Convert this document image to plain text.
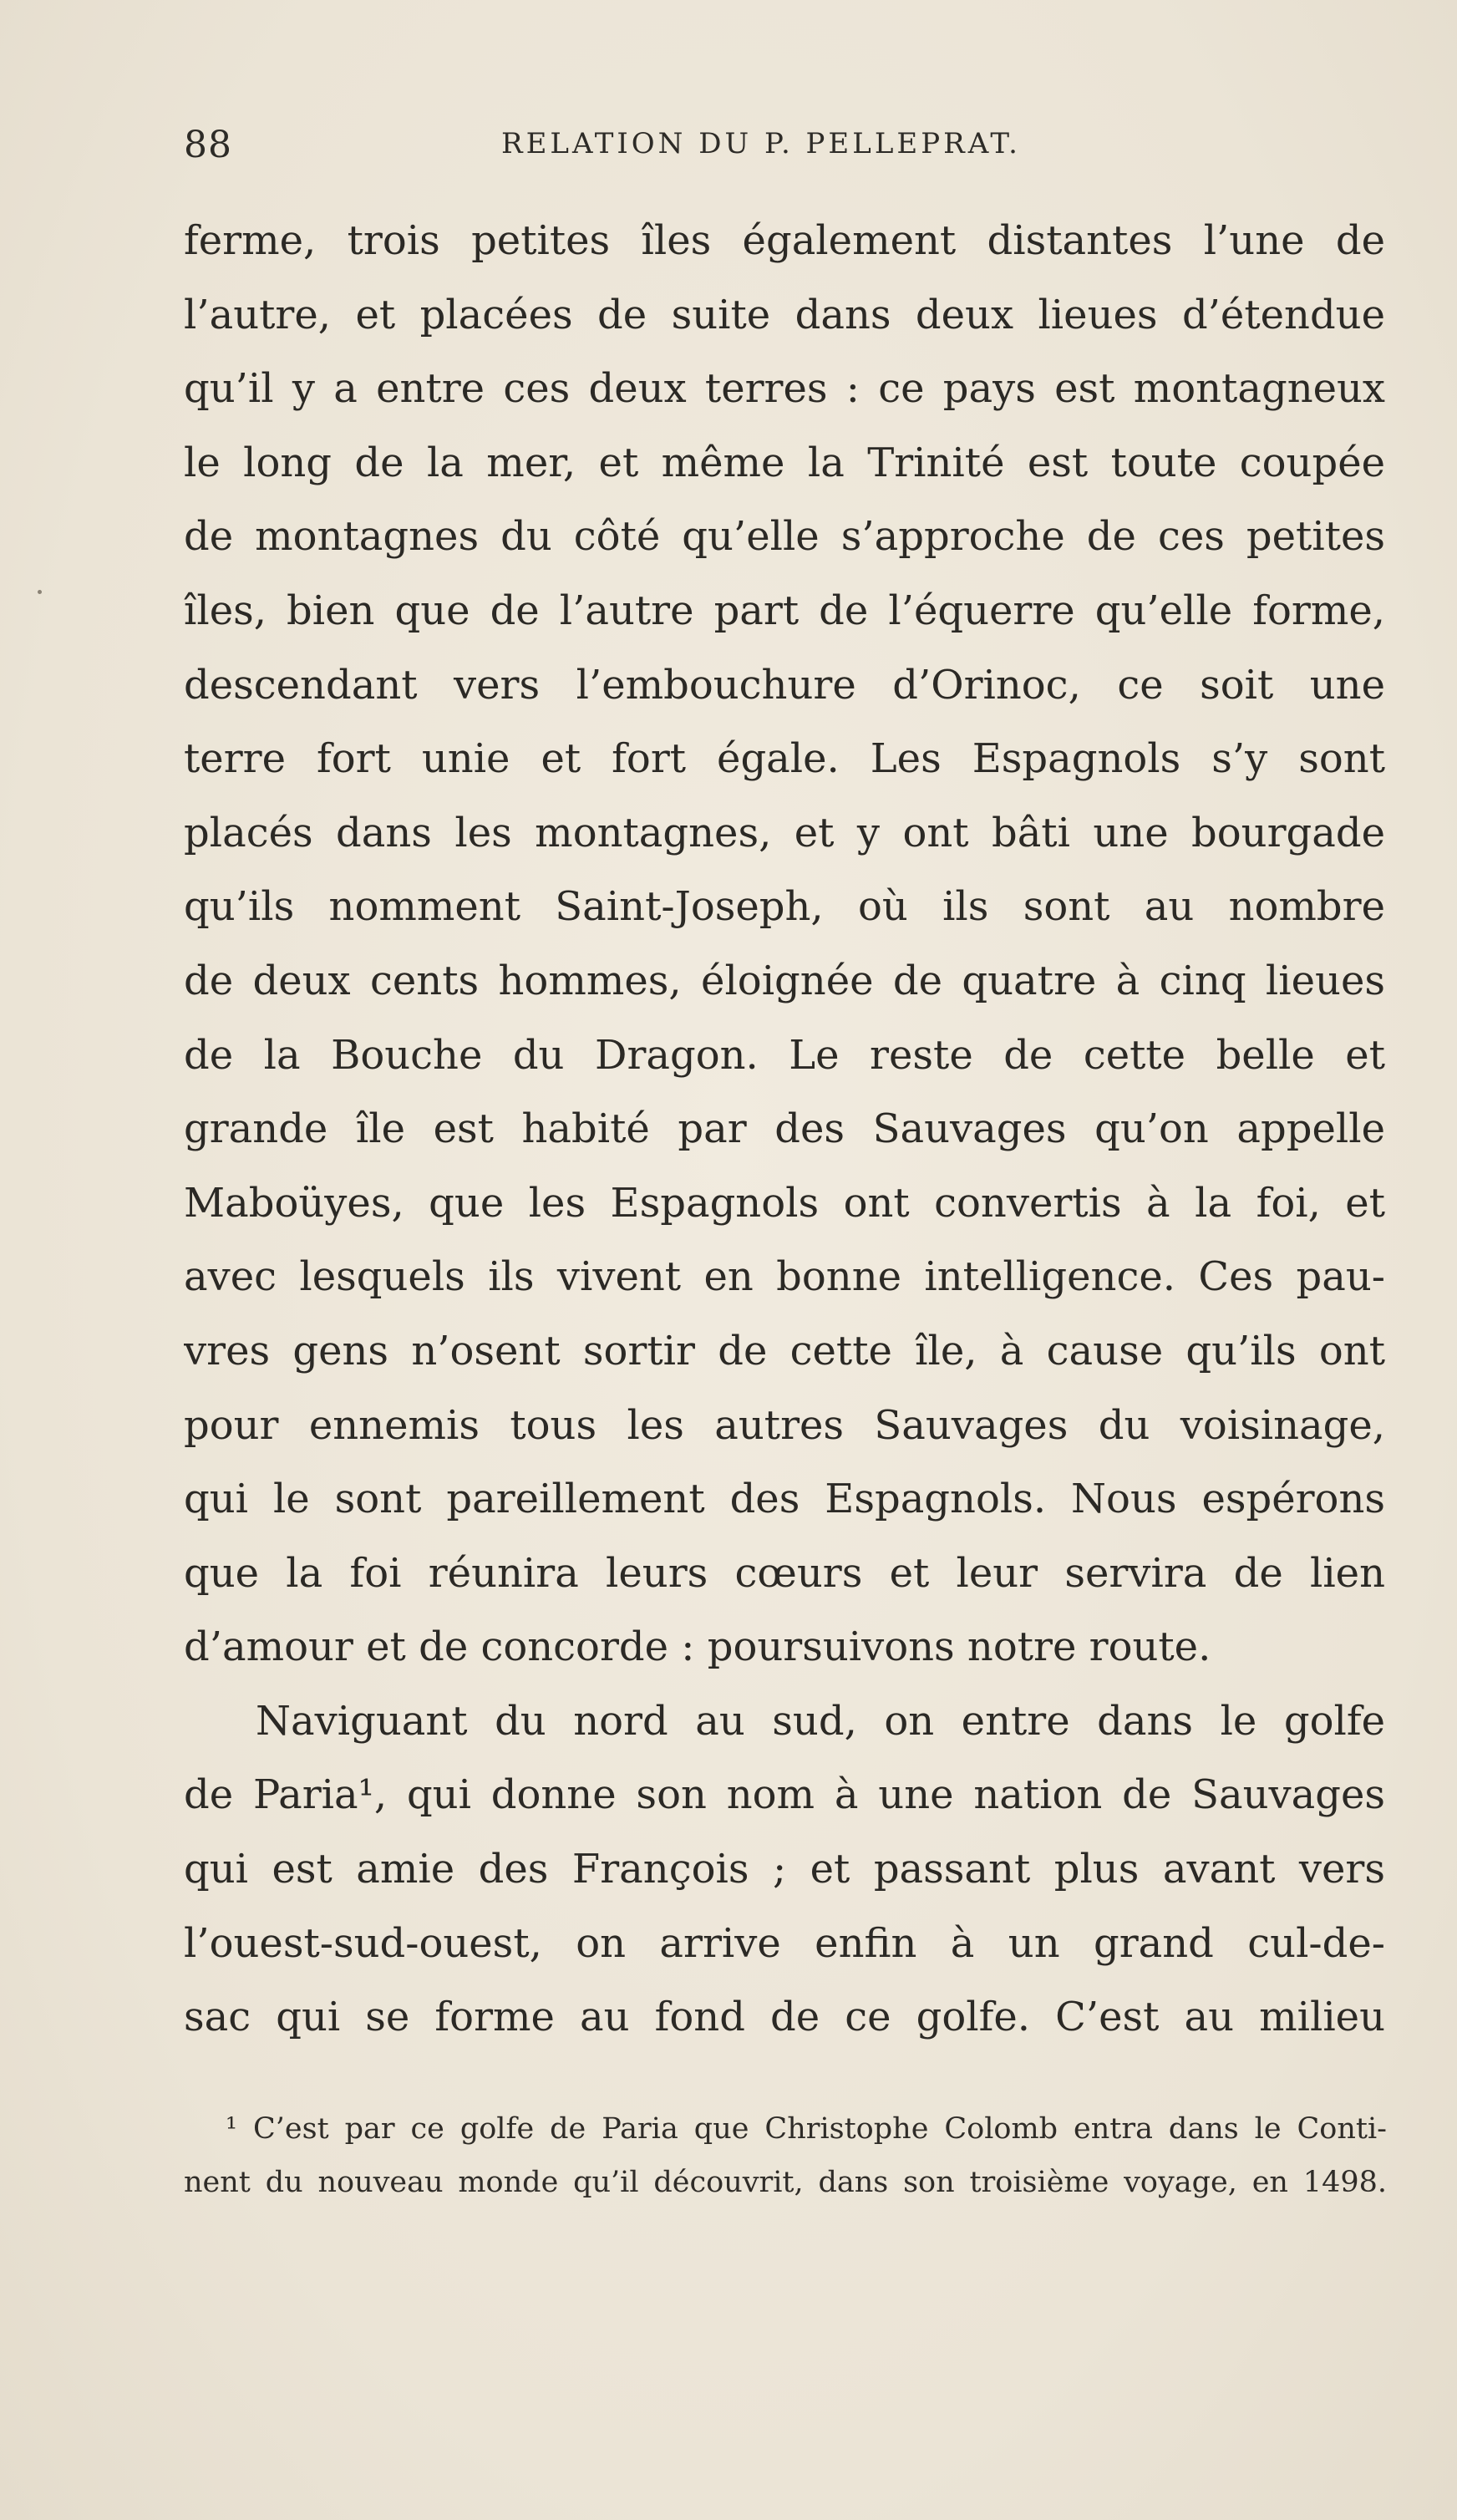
88	RELATION DU P. PELLEPRAT.
ferme, trois petites îles également distantes l’une de
l’autre, et placées de suite dans deux lieues d’étendue
qu’il y a entre ces deux terres : ce pays est montagneux
le long de la mer, et même la Trinité est toute coupée
de montagnes du côté qu’elle s’approche de ces petites
îles, bien que de l’autre part de l’équerre qu’elle forme,
descendant vers l’embouchure d’Orinoc, ce soit une
terre fort unie et fort égale. Les Espagnols s’y sont
placés dans les montagnes, et y ont bâti une bourgade
qu’ils nomment Saint-Joseph, où ils sont au nombre
de deux cents hommes, éloignée de quatre à cinq lieues
de la Bouche du Dragon. Le reste de cette belle et
grande île est habité par des Sauvages qu’on appelle
Maboüyes, que les Espagnols ont convertis à la foi, et
avec lesquels ils vivent en bonne intelligence. Ces pau-
vres gens n’osent sortir de cette île, à cause qu’ils ont
pour ennemis tous les autres Sauvages du voisinage,
qui le sont pareillement des Espagnols. Nous espérons
que la foi réunira leurs cœurs et leur servira de lien
d’amour et de concorde : poursuivons notre route.
Naviguant du nord au sud, on entre dans le golfe
de Paria¹, qui donne son nom à une nation de Sauvages
qui est amie des François ; et passant plus avant vers
l’ouest-sud-ouest, on arrive enfin à un grand cul-de-
sac qui se forme au fond de ce golfe. C’est au milieu
¹ C’est par ce golfe de Paria que Christophe Colomb entra dans le Conti-
nent du nouveau monde qu’il découvrit, dans son troisième voyage, en 1498.
